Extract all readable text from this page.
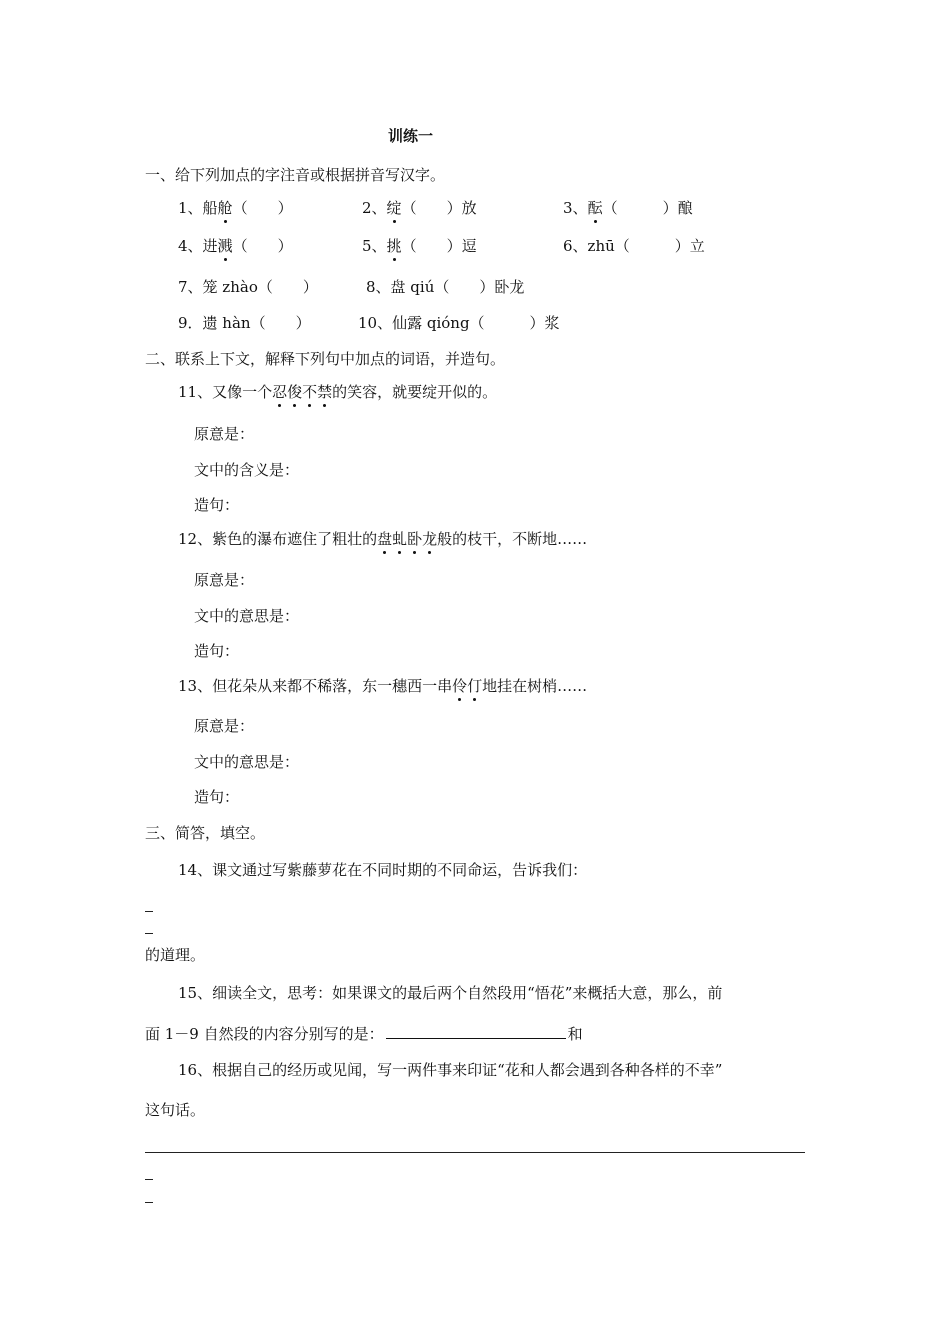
训练一
一、给下列加点的字注音或根据拼音写汉字。
1、船舱（　　）	2、绽（　　）放	3、酝（　　　）酿
4、进溅（　　）	5、挑（　　）逗	6、zhū（　　　）立
7、笼 zhào（　　）	8、盘 qiú（　　）卧龙
9．遗 hàn（　　）	10、仙露 qióng（　　　）浆
二、联系上下文，解释下列句中加点的词语，并造句。
11、又像一个忍俊不禁的笑容，就要绽开似的。
原意是：
文中的含义是：
造句：
12、紫色的瀑布遮住了粗壮的盘虬卧龙般的枝干，不断地……
原意是：
文中的意思是：
造句：
13、但花朵从来都不稀落，东一穗西一串伶仃地挂在树梢……
原意是：
文中的意思是：
造句：
三、简答，填空。
14、课文通过写紫藤萝花在不同时期的不同命运，告诉我们：
的道理。
15、细读全文，思考：如果课文的最后两个自然段用“悟花”来概括大意，那么，前
面 1－9 自然段的内容分别写的是：	和
16、根据自己的经历或见闻，写一两件事来印证“花和人都会遇到各种各样的不幸”
这句话。
